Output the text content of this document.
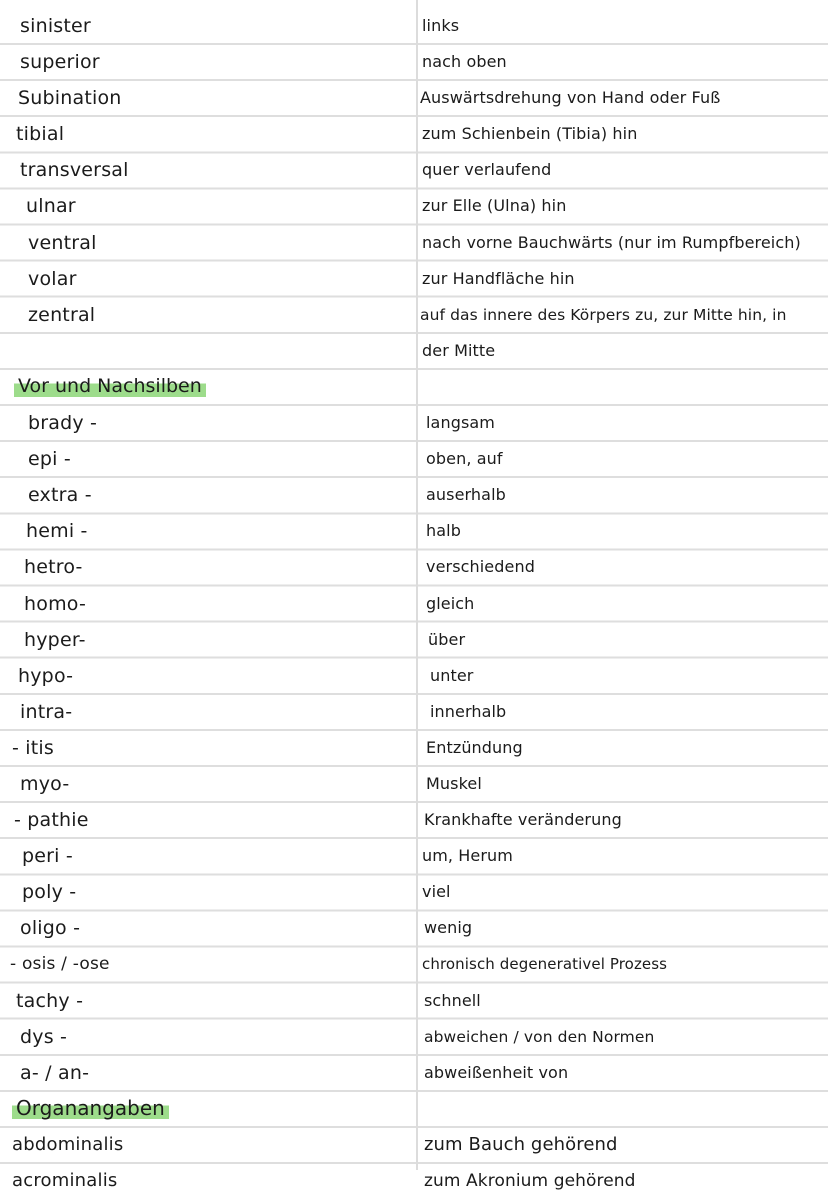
sinister	links
superior	nach oben
Subination	Auswärtsdrehung von Hand oder Fuß
tibial	zum Schienbein (Tibia) hin
transversal	quer verlaufend
ulnar	zur Elle (Ulna) hin
ventral	nach vorne Bauchwärts (nur im Rumpfbereich)
volar	zur Handfläche hin
zentral	auf das innere des Körpers zu, zur Mitte hin, in
der Mitte
Vor und Nachsilben
brady -	langsam
epi -	oben, auf
extra -	auserhalb
hemi -	halb
hetro-	verschiedend
homo-	gleich
hyper-	über
hypo-	unter
intra-	innerhalb
- itis	Entzündung
myo-	Muskel
- pathie	Krankhafte veränderung
peri -	um, Herum
poly -	viel
oligo -	wenig
- osis / -ose	chronisch degenerativel Prozess
tachy -	schnell
dys -	abweichen / von den Normen
a- / an-	abweißenheit von
Organangaben
abdominalis	zum Bauch gehörend
acrominalis	zum Akronium gehörend
